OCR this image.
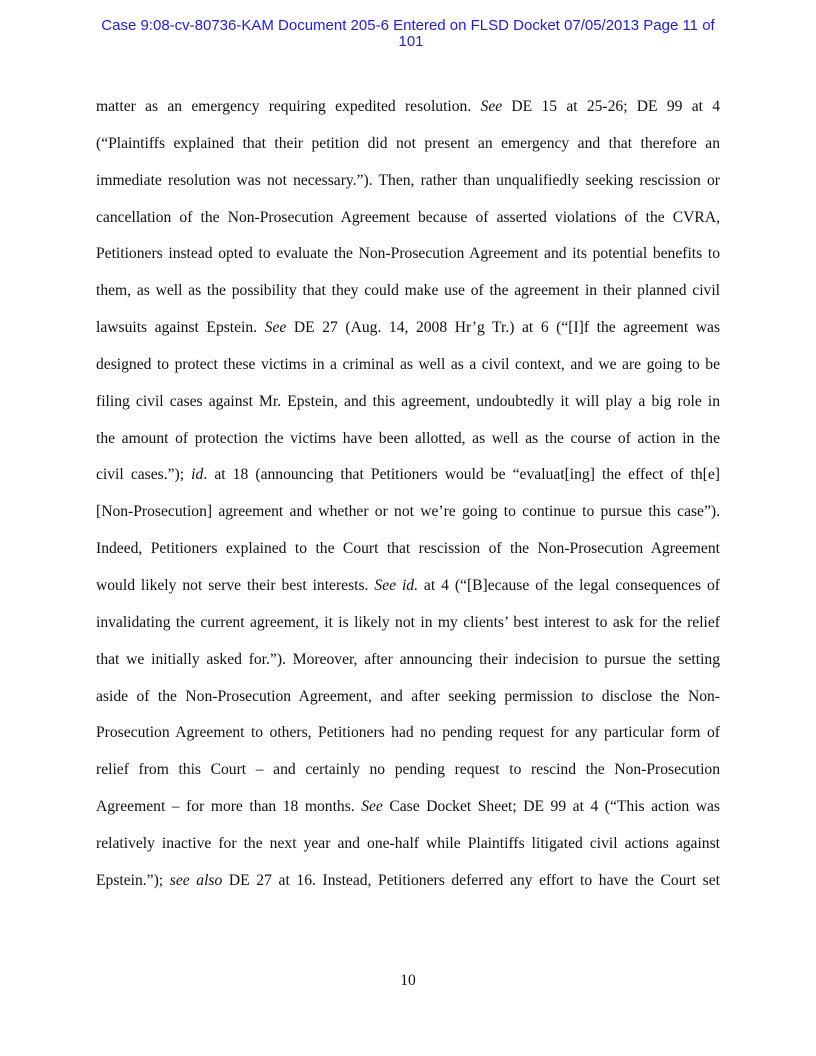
Case 9:08-cv-80736-KAM Document 205-6 Entered on FLSD Docket 07/05/2013 Page 11 of
101
matter as an emergency requiring expedited resolution. See DE 15 at 25-26; DE 99 at 4
(“Plaintiffs explained that their petition did not present an emergency and that therefore an
immediate resolution was not necessary.”). Then, rather than unqualifiedly seeking rescission or
cancellation of the Non-Prosecution Agreement because of asserted violations of the CVRA,
Petitioners instead opted to evaluate the Non-Prosecution Agreement and its potential benefits to
them, as well as the possibility that they could make use of the agreement in their planned civil
lawsuits against Epstein. See DE 27 (Aug. 14, 2008 Hr’g Tr.) at 6 (“[I]f the agreement was
designed to protect these victims in a criminal as well as a civil context, and we are going to be
filing civil cases against Mr. Epstein, and this agreement, undoubtedly it will play a big role in
the amount of protection the victims have been allotted, as well as the course of action in the
civil cases.”); id. at 18 (announcing that Petitioners would be “evaluat[ing] the effect of th[e]
[Non-Prosecution] agreement and whether or not we’re going to continue to pursue this case”).
Indeed, Petitioners explained to the Court that rescission of the Non-Prosecution Agreement
would likely not serve their best interests. See id. at 4 (“[B]ecause of the legal consequences of
invalidating the current agreement, it is likely not in my clients’ best interest to ask for the relief
that we initially asked for.”). Moreover, after announcing their indecision to pursue the setting
aside of the Non-Prosecution Agreement, and after seeking permission to disclose the Non-
Prosecution Agreement to others, Petitioners had no pending request for any particular form of
relief from this Court – and certainly no pending request to rescind the Non-Prosecution
Agreement – for more than 18 months. See Case Docket Sheet; DE 99 at 4 (“This action was
relatively inactive for the next year and one-half while Plaintiffs litigated civil actions against
Epstein.”); see also DE 27 at 16. Instead, Petitioners deferred any effort to have the Court set
10
